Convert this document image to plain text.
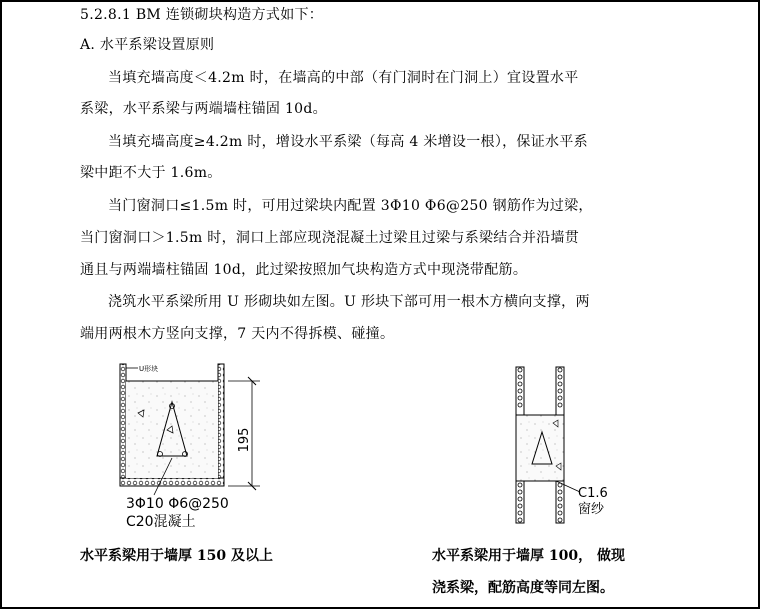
5.2.8.1 BM 连锁砌块构造方式如下：
A. 水平系梁设置原则
当填充墙高度＜4.2m 时，在墙高的中部（有门洞时在门洞上）宜设置水平
系梁，水平系梁与两端墙柱锚固 10d。
当填充墙高度≥4.2m 时，增设水平系梁（每高 4 米增设一根），保证水平系
梁中距不大于 1.6m。
当门窗洞口≤1.5m 时，可用过梁块内配置 3Φ10 Φ6@250 钢筋作为过梁，
当门窗洞口＞1.5m 时，洞口上部应现浇混凝土过梁且过梁与系梁结合并沿墙贯
通且与两端墙柱锚固 10d，此过梁按照加气块构造方式中现浇带配筋。
浇筑水平系梁所用 U 形砌块如左图。U 形块下部可用一根木方横向支撑，两
端用两根木方竖向支撑，7 天内不得拆模、碰撞。
U形块
195
3Φ10 Φ6@250
C20混凝土
C1.6
窗纱
水平系梁用于墙厚 150 及以上	水平系梁用于墙厚 100， 做现
浇系梁，配筋高度等同左图。
